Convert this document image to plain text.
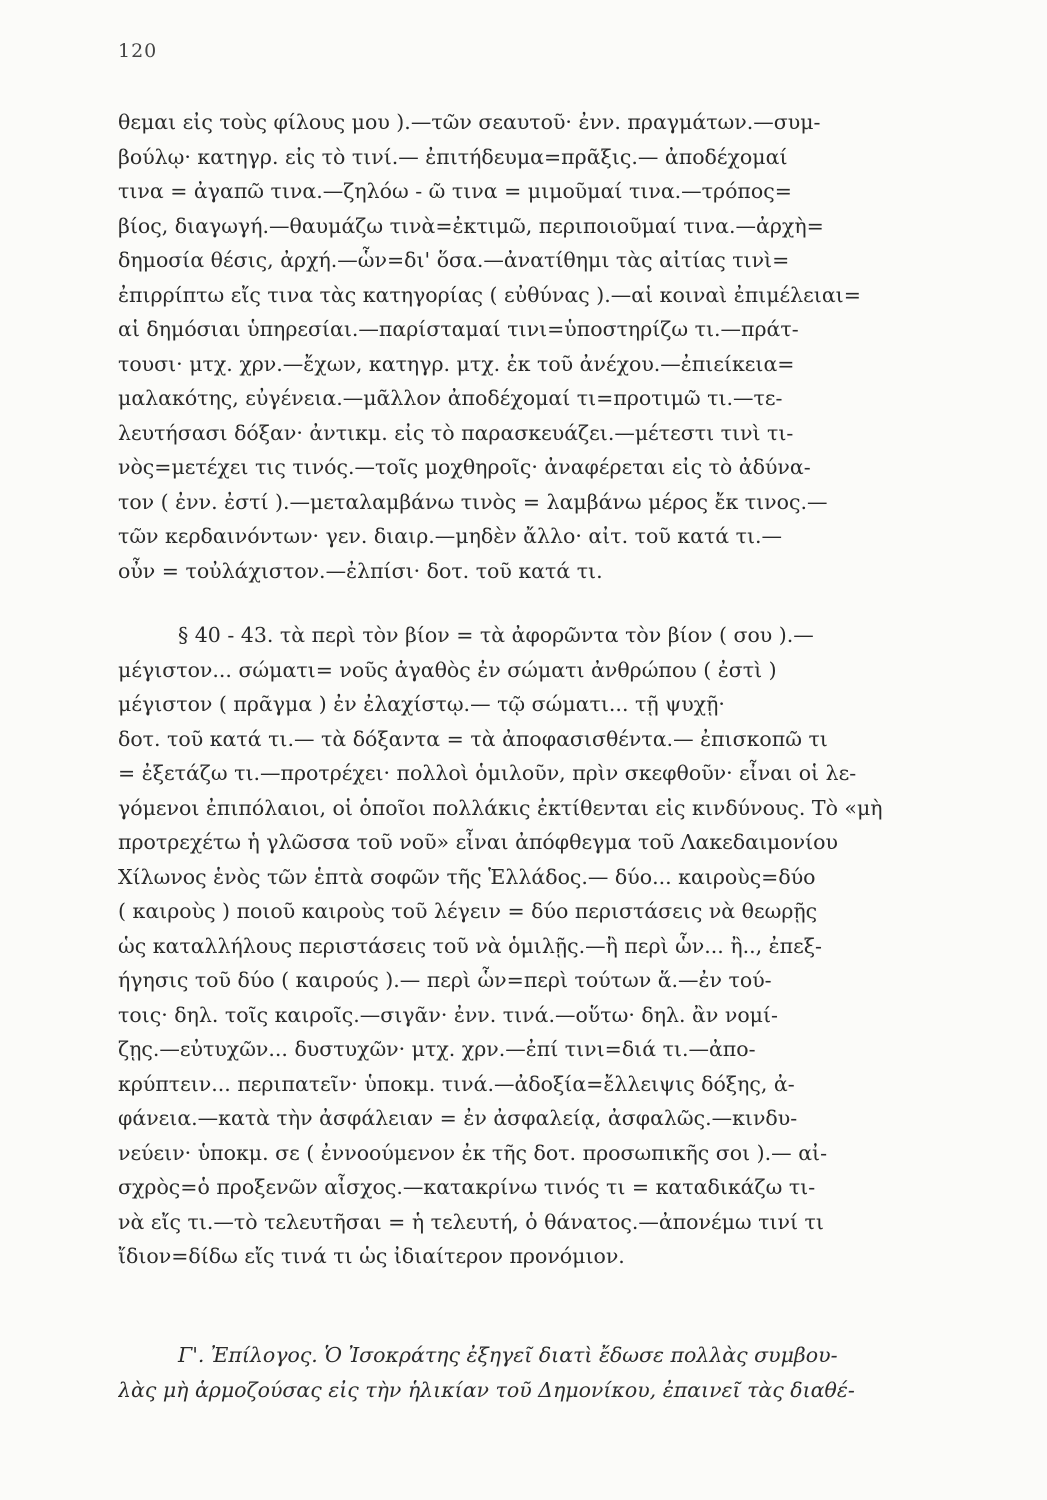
120
θεμαι εἰς τοὺς φίλους μου ).—τῶν σεαυτοῦ· ἐνν. πραγμάτων.—συμ-
βούλῳ· κατηγρ. εἰς τὸ τινί.— ἐπιτήδευμα=πρᾶξις.— ἀποδέχομαί
τινα = ἀγαπῶ τινα.—ζηλόω - ῶ τινα = μιμοῦμαί τινα.—τρόπος=
βίος, διαγωγή.—θαυμάζω τινὰ=ἐκτιμῶ, περιποιοῦμαί τινα.—ἀρχὴ=
δημοσία θέσις, ἀρχή.—ὧν=δι' ὅσα.—ἀνατίθημι τὰς αἰτίας τινὶ=
ἐπιρρίπτω εἴς τινα τὰς κατηγορίας ( εὐθύνας ).—αἱ κοιναὶ ἐπιμέλειαι=
αἱ δημόσιαι ὑπηρεσίαι.—παρίσταμαί τινι=ὑποστηρίζω τι.—πράτ-
τουσι· μτχ. χρν.—ἔχων, κατηγρ. μτχ. ἐκ τοῦ ἀνέχου.—ἐπιείκεια=
μαλακότης, εὐγένεια.—μᾶλλον ἀποδέχομαί τι=προτιμῶ τι.—τε-
λευτήσασι δόξαν· ἀντικμ. εἰς τὸ παρασκευάζει.—μέτεστι τινὶ τι-
νὸς=μετέχει τις τινός.—τοῖς μοχθηροῖς· ἀναφέρεται εἰς τὸ ἀδύνα-
τον ( ἐνν. ἐστί ).—μεταλαμβάνω τινὸς = λαμβάνω μέρος ἔκ τινος.—
τῶν κερδαινόντων· γεν. διαιρ.—μηδὲν ἄλλο· αἰτ. τοῦ κατά τι.—
οὖν = τοὐλάχιστον.—ἐλπίσι· δοτ. τοῦ κατά τι.
§ 40 - 43. τὰ περὶ τὸν βίον = τὰ ἀφορῶντα τὸν βίον ( σου ).—
μέγιστον... σώματι= νοῦς ἀγαθὸς ἐν σώματι ἀνθρώπου ( ἐστὶ )
μέγιστον ( πρᾶγμα ) ἐν ἐλαχίστῳ.— τῷ σώματι... τῇ ψυχῇ·
δοτ. τοῦ κατά τι.— τὰ δόξαντα = τὰ ἀποφασισθέντα.— ἐπισκοπῶ τι
= ἐξετάζω τι.—προτρέχει· πολλοὶ ὁμιλοῦν, πρὶν σκεφθοῦν· εἶναι οἱ λε-
γόμενοι ἐπιπόλαιοι, οἱ ὁποῖοι πολλάκις ἐκτίθενται εἰς κινδύνους. Τὸ «μὴ
προτρεχέτω ἡ γλῶσσα τοῦ νοῦ» εἶναι ἀπόφθεγμα τοῦ Λακεδαιμονίου
Χίλωνος ἑνὸς τῶν ἑπτὰ σοφῶν τῆς Ἑλλάδος.— δύο... καιροὺς=δύο
( καιροὺς ) ποιοῦ καιροὺς τοῦ λέγειν = δύο περιστάσεις νὰ θεωρῇς
ὡς καταλλήλους περιστάσεις τοῦ νὰ ὁμιλῇς.—ἢ περὶ ὧν... ἢ.., ἐπεξ-
ήγησις τοῦ δύο ( καιρούς ).— περὶ ὧν=περὶ τούτων ἅ.—ἐν τού-
τοις· δηλ. τοῖς καιροῖς.—σιγᾶν· ἐνν. τινά.—οὕτω· δηλ. ἂν νομί-
ζῃς.—εὐτυχῶν... δυστυχῶν· μτχ. χρν.—ἐπί τινι=διά τι.—ἀπο-
κρύπτειν... περιπατεῖν· ὑποκμ. τινά.—ἀδοξία=ἔλλειψις δόξης, ἀ-
φάνεια.—κατὰ τὴν ἀσφάλειαν = ἐν ἀσφαλείᾳ, ἀσφαλῶς.—κινδυ-
νεύειν· ὑποκμ. σε ( ἐννοούμενον ἐκ τῆς δοτ. προσωπικῆς σοι ).— αἰ-
σχρὸς=ὁ προξενῶν αἶσχος.—κατακρίνω τινός τι = καταδικάζω τι-
νὰ εἴς τι.—τὸ τελευτῆσαι = ἡ τελευτή, ὁ θάνατος.—ἀπονέμω τινί τι
ἴδιον=δίδω εἴς τινά τι ὡς ἰδιαίτερον προνόμιον.
Γ'. Ἐπίλογος. Ὁ Ἰσοκράτης ἐξηγεῖ διατὶ ἔδωσε πολλὰς συμβου-
λὰς μὴ ἁρμοζούσας εἰς τὴν ἡλικίαν τοῦ Δημονίκου, ἐπαινεῖ τὰς διαθέ-
